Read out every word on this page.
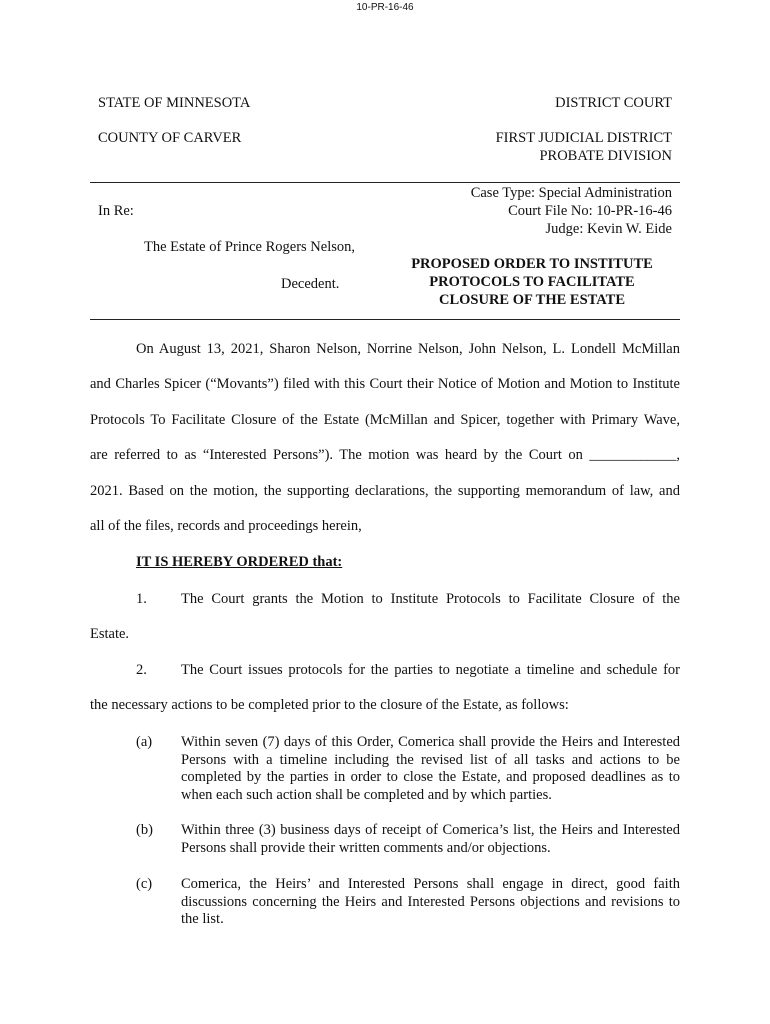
10-PR-16-46
STATE OF MINNESOTA	DISTRICT COURT
COUNTY OF CARVER	FIRST JUDICIAL DISTRICT
PROBATE DIVISION
Case Type: Special Administration
In Re:	Court File No: 10-PR-16-46
Judge: Kevin W. Eide
The Estate of Prince Rogers Nelson,
PROPOSED ORDER TO INSTITUTE
PROTOCOLS TO FACILITATE
CLOSURE OF THE ESTATE
Decedent.
On August 13, 2021, Sharon Nelson, Norrine Nelson, John Nelson, L. Londell McMillan
and Charles Spicer (“Movants”) filed with this Court their Notice of Motion and Motion to Institute
Protocols To Facilitate Closure of the Estate (McMillan and Spicer, together with Primary Wave,
are referred to as “Interested Persons”). The motion was heard by the Court on ____________,
2021. Based on the motion, the supporting declarations, the supporting memorandum of law, and
all of the files, records and proceedings herein,
IT IS HEREBY ORDERED that:
1. The Court grants the Motion to Institute Protocols to Facilitate Closure of the
Estate.
2. The Court issues protocols for the parties to negotiate a timeline and schedule for
the necessary actions to be completed prior to the closure of the Estate, as follows:
(a) Within seven (7) days of this Order, Comerica shall provide the Heirs and Interested
Persons with a timeline including the revised list of all tasks and actions to be
completed by the parties in order to close the Estate, and proposed deadlines as to
when each such action shall be completed and by which parties.
(b) Within three (3) business days of receipt of Comerica’s list, the Heirs and Interested
Persons shall provide their written comments and/or objections.
(c) Comerica, the Heirs’ and Interested Persons shall engage in direct, good faith
discussions concerning the Heirs and Interested Persons objections and revisions to
the list.
